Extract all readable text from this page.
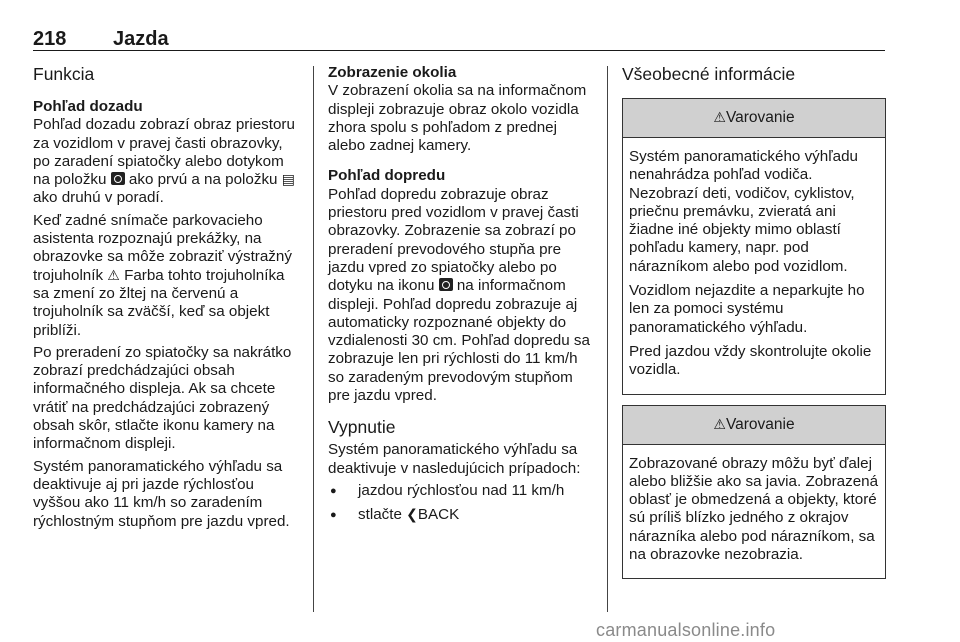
218 Jazda
Funkcia
Pohľad dozadu

Pohľad dozadu zobrazí obraz priestoru za vozidlom v pravej časti obrazovky, po zaradení spiatočky alebo dotykom na položku  ako prvú a na položku ▤ ako druhú v poradí.

Keď zadné snímače parkovacieho asistenta rozpoznajú prekážky, na obrazovke sa môže zobraziť výstražný trojuholník ⚠ Farba tohto trojuholníka sa zmení zo žltej na červenú a trojuholník sa zväčší, keď sa objekt priblíži.

Po preradení zo spiatočky sa nakrátko zobrazí predchádzajúci obsah informačného displeja. Ak sa chcete vrátiť na predchádzajúci zobrazený obsah skôr, stlačte ikonu kamery na informačnom displeji.

Systém panoramatického výhľadu sa deaktivuje aj pri jazde rýchlosťou vyššou ako 11 km/h so zaradením rýchlostným stupňom pre jazdu vpred.

Zobrazenie okolia

V zobrazení okolia sa na informačnom displeji zobrazuje obraz okolo vozidla zhora spolu s pohľadom z prednej alebo zadnej kamery.

Pohľad dopredu

Pohľad dopredu zobrazuje obraz priestoru pred vozidlom v pravej časti obrazovky. Zobrazenie sa zobrazí po preradení prevodového stupňa pre jazdu vpred zo spiatočky alebo po dotyku na ikonu  na informačnom displeji. Pohľad dopredu zobrazuje aj automaticky rozpoznané objekty do vzdialenosti 30 cm. Pohľad dopredu sa zobrazuje len pri rýchlosti do 11 km/h so zaradeným prevodovým stupňom pre jazdu vpred.

Vypnutie

Systém panoramatického výhľadu sa deaktivuje v nasledujúcich prípadoch:

● jazdou rýchlosťou nad 11 km/h
● stlačte ❮BACK
Všeobecné informácie
⚠Varovanie

Systém panoramatického výhľadu nenahrádza pohľad vodiča. Nezobrazí deti, vodičov, cyklistov, priečnu premávku, zvieratá ani žiadne iné objekty mimo oblastí pohľadu kamery, napr. pod nárazníkom alebo pod vozidlom.

Vozidlom nejazdite a neparkujte ho len za pomoci systému panoramatického výhľadu.

Pred jazdou vždy skontrolujte okolie vozidla.

⚠Varovanie

Zobrazované obrazy môžu byť ďalej alebo bližšie ako sa javia. Zobrazená oblasť je obmedzená a objekty, ktoré sú príliš blízko jedného z okrajov nárazníka alebo pod nárazníkom, sa na obrazovke nezobrazia.

carmanualsonline.info
